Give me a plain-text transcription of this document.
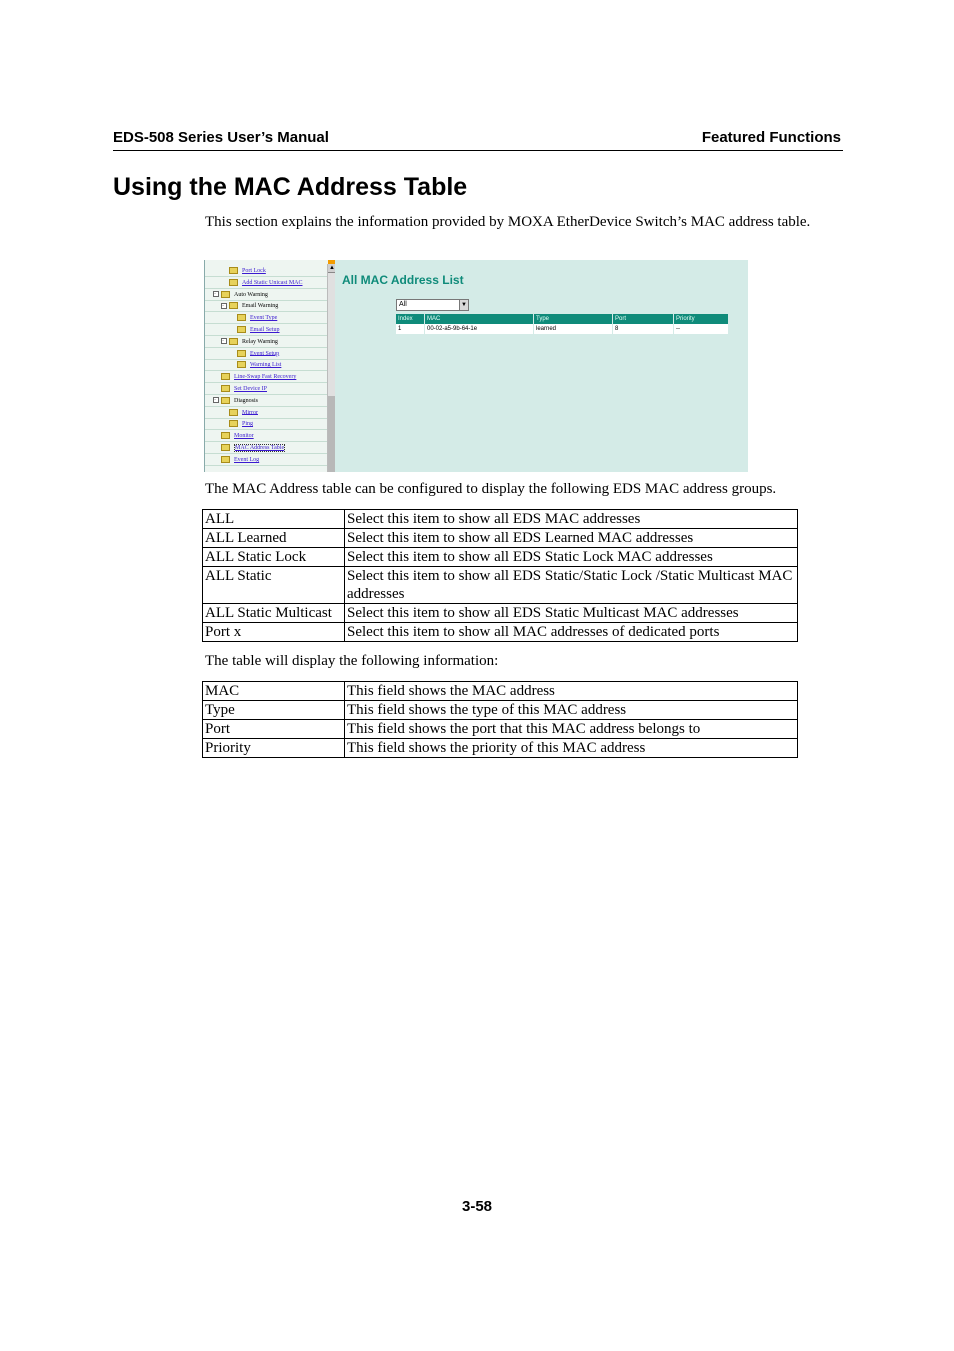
EDS-508 Series User’s Manual	Featured Functions
Using the MAC Address Table
This section explains the information provided by MOXA EtherDevice Switch’s MAC address table.
Port Lock
Add Static Unicast MAC
−	Auto Warning
−	Email Warning
Event Type
Email Setup
−	Relay Warning
Event Setup
Warning List
Line-Swap Fast Recovery
Set Device IP
−	Diagnosis
Mirror
Ping
Monitor
MAC Address Table
Event Log
▲
All MAC Address List
All	▼
Index	MAC	Type	Port	Priority
1	00-02-a5-9b-64-1e	learned	8	--
The MAC Address table can be configured to display the following EDS MAC address groups.
ALL	Select this item to show all EDS MAC addresses
ALL Learned	Select this item to show all EDS Learned MAC addresses
ALL Static Lock	Select this item to show all EDS Static Lock MAC addresses
ALL Static	Select this item to show all EDS Static/Static Lock /Static Multicast MAC addresses
ALL Static Multicast	Select this item to show all EDS Static Multicast MAC addresses
Port x	Select this item to show all MAC addresses of dedicated ports
The table will display the following information:
MAC	This field shows the MAC address
Type	This field shows the type of this MAC address
Port	This field shows the port that this MAC address belongs to
Priority	This field shows the priority of this MAC address
3-58
